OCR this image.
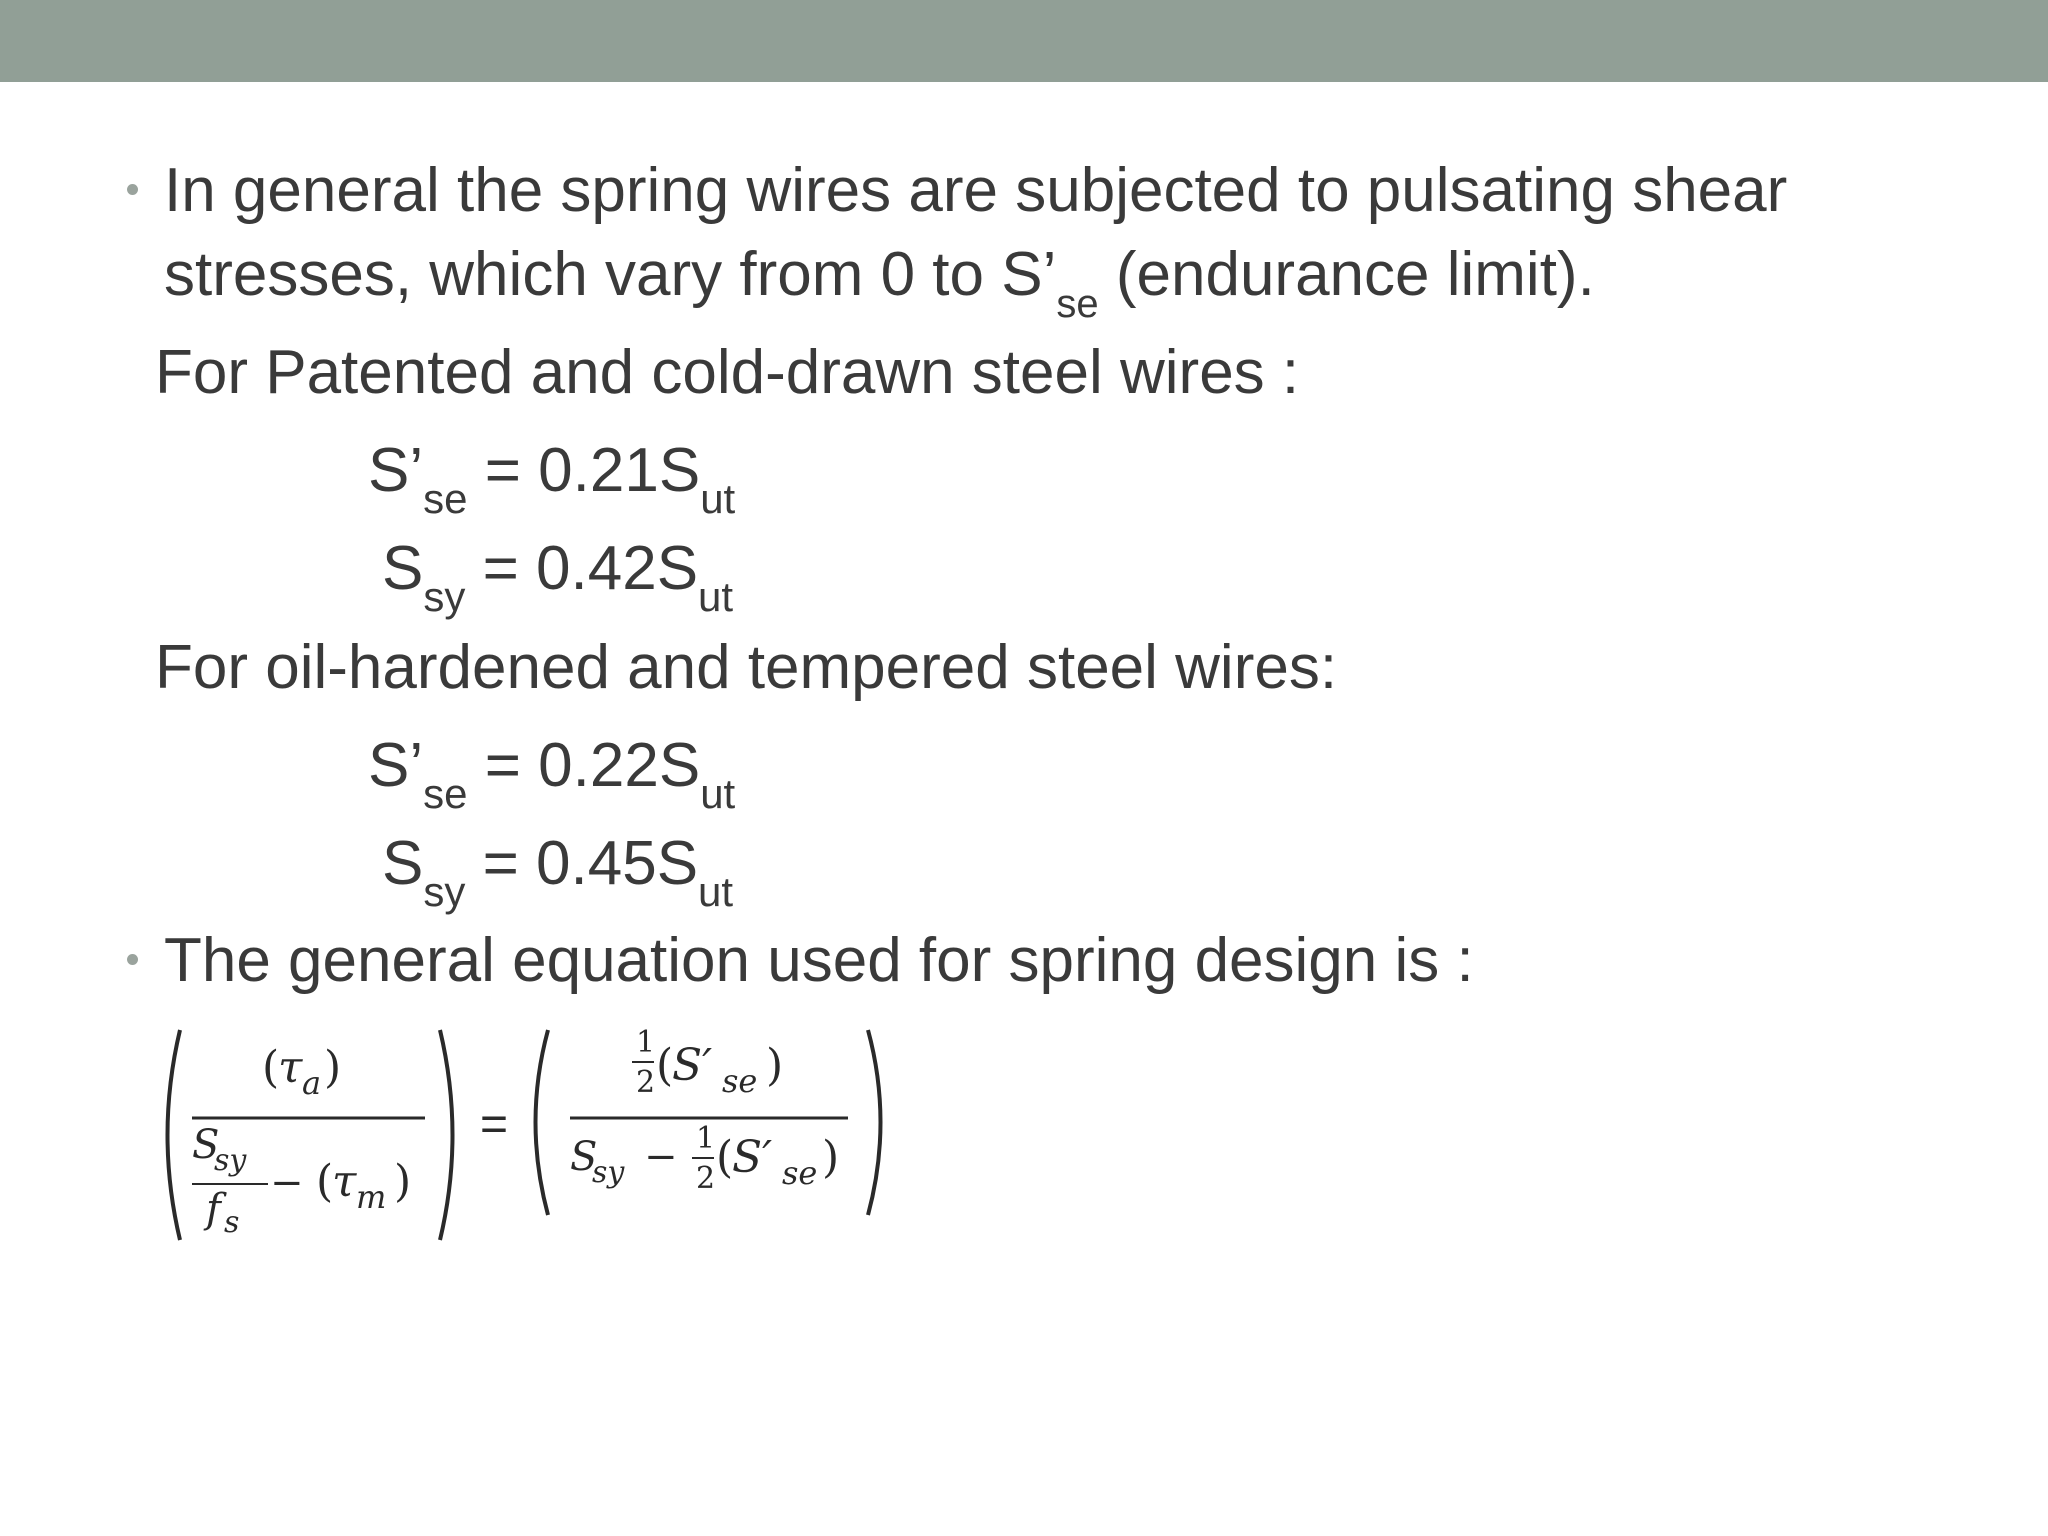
In general the spring wires are subjected to pulsating shear
stresses, which vary from 0 to $S’_{se}$ (endurance limit).
For Patented and cold-drawn steel wires :
$S’_{se} = 0.21S_{ut}$
$S_{sy} = 0.42S_{ut}$
For oil-hardened and tempered steel wires:
$S’_{se} = 0.22S_{ut}$
$S_{sy} = 0.45S_{ut}$
The general equation used for spring design is :
(
τ a )
S
sy
f s
− (
τ m )
=
1
2 (
S′ se )
S
sy − 1
2 (
S′ se )
